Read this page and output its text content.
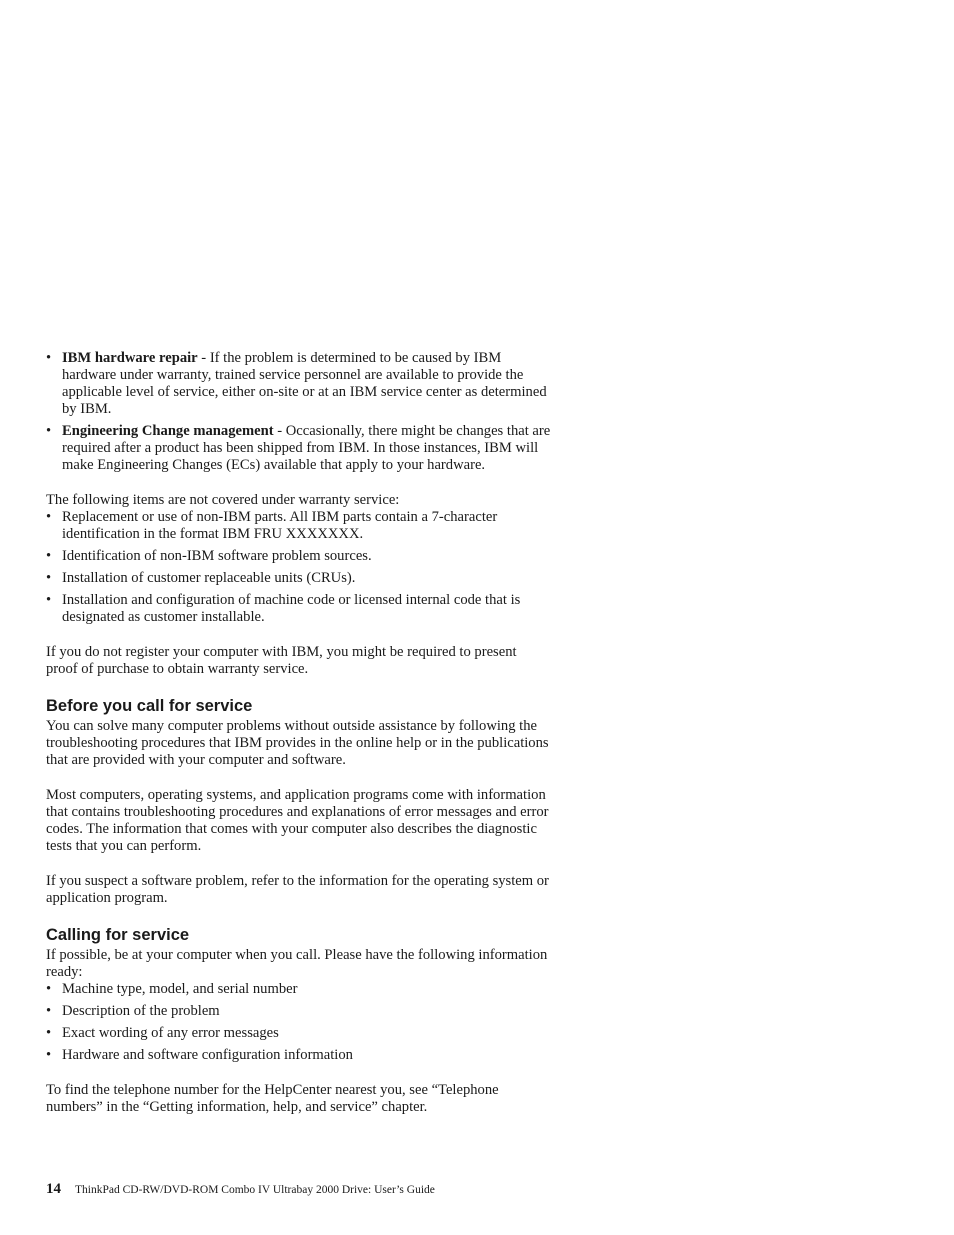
• IBM hardware repair - If the problem is determined to be caused by IBM hardware under warranty, trained service personnel are available to provide the applicable level of service, either on-site or at an IBM service center as determined by IBM.
• Engineering Change management - Occasionally, there might be changes that are required after a product has been shipped from IBM. In those instances, IBM will make Engineering Changes (ECs) available that apply to your hardware.

The following items are not covered under warranty service:

• Replacement or use of non-IBM parts. All IBM parts contain a 7-character identification in the format IBM FRU XXXXXXX.
• Identification of non-IBM software problem sources.
• Installation of customer replaceable units (CRUs).
• Installation and configuration of machine code or licensed internal code that is designated as customer installable.

If you do not register your computer with IBM, you might be required to present proof of purchase to obtain warranty service.

Before you call for service

You can solve many computer problems without outside assistance by following the troubleshooting procedures that IBM provides in the online help or in the publications that are provided with your computer and software.

Most computers, operating systems, and application programs come with information that contains troubleshooting procedures and explanations of error messages and error codes. The information that comes with your computer also describes the diagnostic tests that you can perform.

If you suspect a software problem, refer to the information for the operating system or application program.

Calling for service

If possible, be at your computer when you call. Please have the following information ready:

• Machine type, model, and serial number
• Description of the problem
• Exact wording of any error messages
• Hardware and software configuration information

To find the telephone number for the HelpCenter nearest you, see “Telephone numbers” in the “Getting information, help, and service” chapter.

14 ThinkPad CD-RW/DVD-ROM Combo IV Ultrabay 2000 Drive: User’s Guide
